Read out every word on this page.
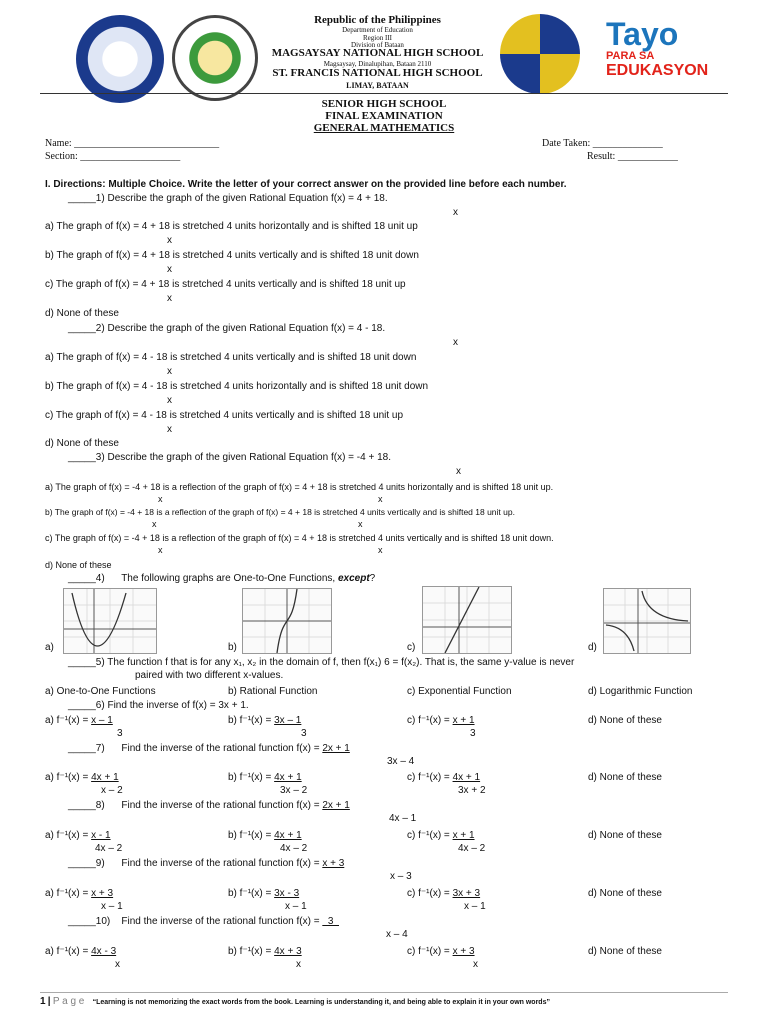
Tayo
PARA SA
EDUKASYON
Republic of the Philippines
Department of Education
Region III
Division of Bataan
MAGSAYSAY NATIONAL HIGH SCHOOL
Magsaysay, Dinalupihan, Bataan 2110
ST. FRANCIS NATIONAL HIGH SCHOOL
LIMAY, BATAAN
SENIOR HIGH SCHOOL
FINAL EXAMINATION
GENERAL MATHEMATICS
Name: _____________________________
Section: ____________________
Date Taken: ______________
Result: ____________
I. Directions: Multiple Choice. Write the letter of your correct answer on the provided line before each number.
_____1) Describe the graph of the given Rational Equation f(x) = 4 + 18.
x
a) The graph of f(x) = 4 + 18 is stretched 4 units horizontally and is shifted 18 unit up
x
b) The graph of f(x) = 4 + 18 is stretched 4 units vertically and is shifted 18 unit down
x
c) The graph of f(x) = 4 + 18 is stretched 4 units vertically and is shifted 18 unit up
x
d) None of these
_____2) Describe the graph of the given Rational Equation f(x) = 4 - 18.
x
a) The graph of f(x) = 4 - 18 is stretched 4 units vertically and is shifted 18 unit down
x
b) The graph of f(x) = 4 - 18 is stretched 4 units horizontally and is shifted 18 unit down
x
c) The graph of f(x) = 4 - 18 is stretched 4 units vertically and is shifted 18 unit up
x
d) None of these
_____3) Describe the graph of the given Rational Equation f(x) = -4 + 18.
x
a) The graph of f(x) = -4 + 18 is a reflection of the graph of f(x) = 4 + 18 is stretched 4 units horizontally and is shifted 18 unit up.
x	x
b) The graph of f(x) = -4 + 18 is a reflection of the graph of f(x) = 4 + 18 is stretched 4 units vertically and is shifted 18 unit up.
x	x
c) The graph of f(x) = -4 + 18 is a reflection of the graph of f(x) = 4 + 18 is stretched 4 units vertically and is shifted 18 unit down.
x	x
d) None of these
_____4)      The following graphs are One-to-One Functions, except?
a)	b)	c)	d)
_____5) The function f that is for any x₁, x₂ in the domain of f, then f(x₁) 6 = f(x₂). That is, the same y-value is never
paired with two different x-values.
a) One-to-One Functions	b) Rational Function	c) Exponential Function	d) Logarithmic Function
_____6) Find the inverse of f(x) = 3x + 1.
a) f⁻¹(x) = x – 1
3
b) f⁻¹(x) = 3x – 1
3
c) f⁻¹(x) = x + 1
3
d) None of these
_____7)      Find the inverse of the rational function f(x) = 2x + 1
3x – 4
a) f⁻¹(x) = 4x + 1
x – 2
b) f⁻¹(x) = 4x + 1
3x – 2
c) f⁻¹(x) = 4x + 1
3x + 2
d) None of these
_____8)      Find the inverse of the rational function f(x) = 2x + 1
4x – 1
a) f⁻¹(x) = x - 1
4x – 2
b) f⁻¹(x) = 4x + 1
4x – 2
c) f⁻¹(x) = x + 1
4x – 2
d) None of these
_____9)      Find the inverse of the rational function f(x) = x + 3
x – 3
a) f⁻¹(x) = x + 3
x – 1
b) f⁻¹(x) = 3x - 3
x – 1
c) f⁻¹(x) = 3x + 3
x – 1
d) None of these
_____10)    Find the inverse of the rational function f(x) =   3
x – 4
a) f⁻¹(x) = 4x - 3
x
b) f⁻¹(x) = 4x + 3
x
c) f⁻¹(x) = x + 3
x
d) None of these
1 | P a g e “Learning is not memorizing the exact words from the book. Learning is understanding it, and being able to explain it in your own words”
